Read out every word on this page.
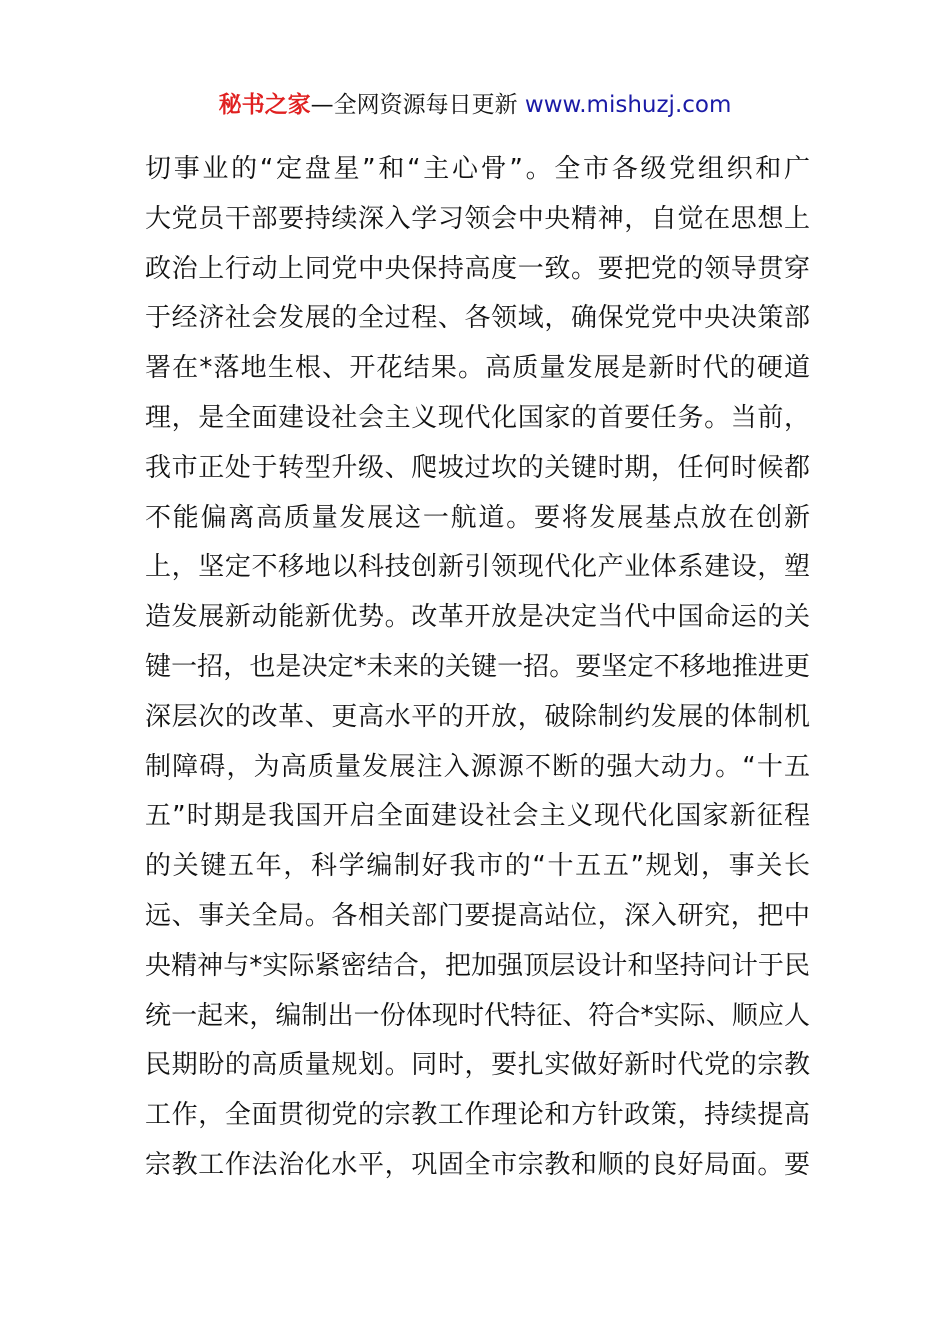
秘书之家—全网资源每日更新 www.mishuzj.com
切事业的“定盘星”和“主心骨”。全市各级党组织和广
大党员干部要持续深入学习领会中央精神，自觉在思想上
政治上行动上同党中央保持高度一致。要把党的领导贯穿
于经济社会发展的全过程、各领域，确保党党中央决策部
署在*落地生根、开花结果。高质量发展是新时代的硬道
理，是全面建设社会主义现代化国家的首要任务。当前，
我市正处于转型升级、爬坡过坎的关键时期，任何时候都
不能偏离高质量发展这一航道。要将发展基点放在创新
上，坚定不移地以科技创新引领现代化产业体系建设，塑
造发展新动能新优势。改革开放是决定当代中国命运的关
键一招，也是决定*未来的关键一招。要坚定不移地推进更
深层次的改革、更高水平的开放，破除制约发展的体制机
制障碍，为高质量发展注入源源不断的强大动力。“十五
五”时期是我国开启全面建设社会主义现代化国家新征程
的关键五年，科学编制好我市的“十五五”规划，事关长
远、事关全局。各相关部门要提高站位，深入研究，把中
央精神与*实际紧密结合，把加强顶层设计和坚持问计于民
统一起来，编制出一份体现时代特征、符合*实际、顺应人
民期盼的高质量规划。同时，要扎实做好新时代党的宗教
工作，全面贯彻党的宗教工作理论和方针政策，持续提高
宗教工作法治化水平，巩固全市宗教和顺的良好局面。要
